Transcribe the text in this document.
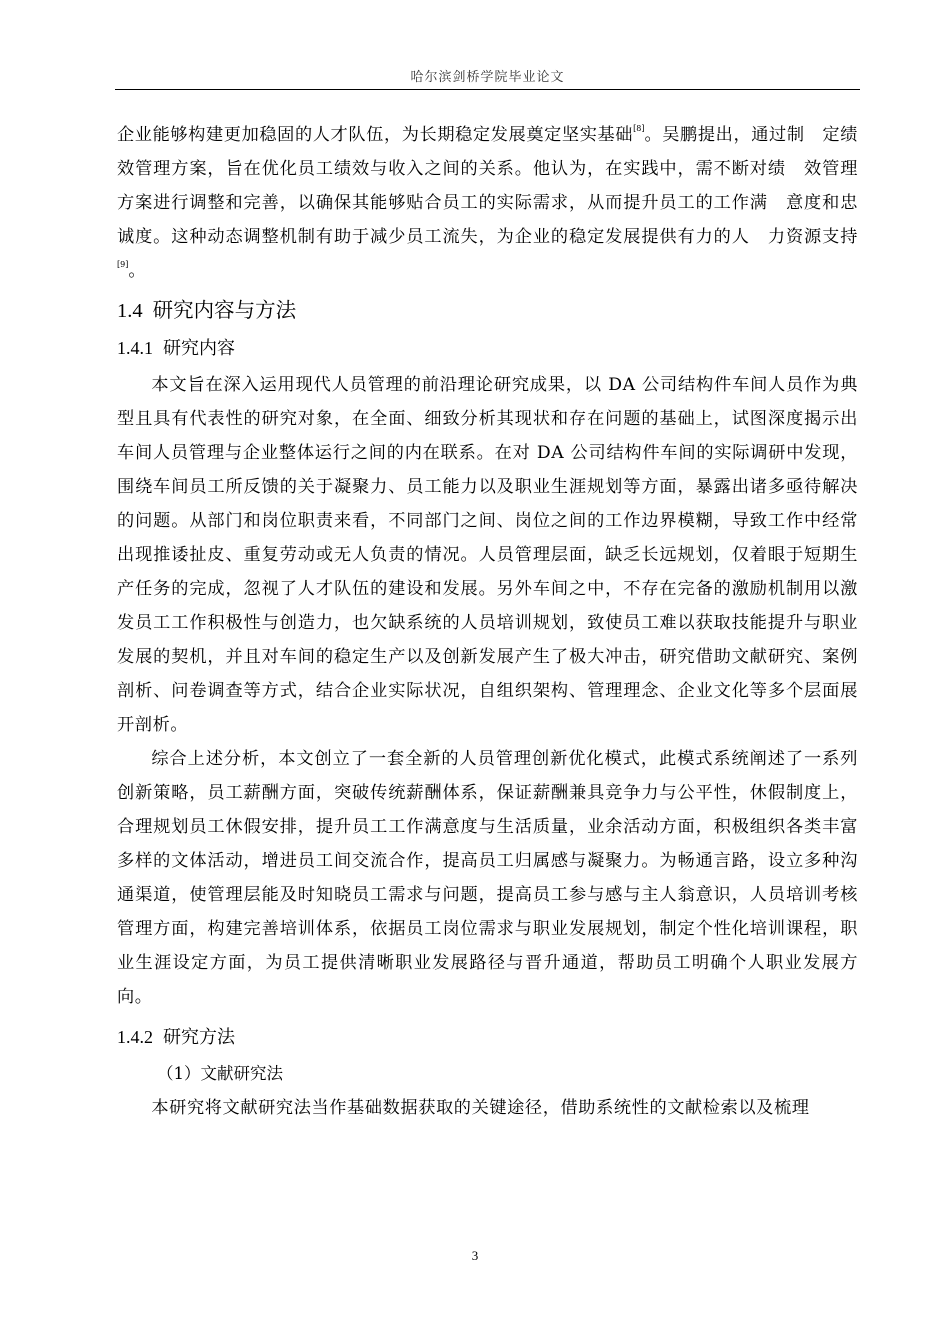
哈尔滨剑桥学院毕业论文

企业能够构建更加稳固的人才队伍，为长期稳定发展奠定坚实基础[8]。吴鹏提出，通过制　定绩效管理方案，旨在优化员工绩效与收入之间的关系。他认为，在实践中，需不断对绩　效管理方案进行调整和完善，以确保其能够贴合员工的实际需求，从而提升员工的工作满　意度和忠诚度。这种动态调整机制有助于减少员工流失，为企业的稳定发展提供有力的人　力资源支持[9]。

1.4 研究内容与方法
1.4.1 研究内容

本文旨在深入运用现代人员管理的前沿理论研究成果，以 DA 公司结构件车间人员作为典型且具有代表性的研究对象，在全面、细致分析其现状和存在问题的基础上，试图深度揭示出车间人员管理与企业整体运行之间的内在联系。在对 DA 公司结构件车间的实际调研中发现，围绕车间员工所反馈的关于凝聚力、员工能力以及职业生涯规划等方面，暴露出诸多亟待解决的问题。从部门和岗位职责来看，不同部门之间、岗位之间的工作边界模糊，导致工作中经常出现推诿扯皮、重复劳动或无人负责的情况。人员管理层面，缺乏长远规划，仅着眼于短期生产任务的完成，忽视了人才队伍的建设和发展。另外车间之中，不存在完备的激励机制用以激发员工工作积极性与创造力，也欠缺系统的人员培训规划，致使员工难以获取技能提升与职业发展的契机，并且对车间的稳定生产以及创新发展产生了极大冲击，研究借助文献研究、案例剖析、问卷调查等方式，结合企业实际状况，自组织架构、管理理念、企业文化等多个层面展开剖析。

综合上述分析，本文创立了一套全新的人员管理创新优化模式，此模式系统阐述了一系列创新策略，员工薪酬方面，突破传统薪酬体系，保证薪酬兼具竞争力与公平性，休假制度上，合理规划员工休假安排，提升员工工作满意度与生活质量，业余活动方面，积极组织各类丰富多样的文体活动，增进员工间交流合作，提高员工归属感与凝聚力。为畅通言路，设立多种沟通渠道，使管理层能及时知晓员工需求与问题，提高员工参与感与主人翁意识，人员培训考核管理方面，构建完善培训体系，依据员工岗位需求与职业发展规划，制定个性化培训课程，职业生涯设定方面，为员工提供清晰职业发展路径与晋升通道，帮助员工明确个人职业发展方向。

1.4.2 研究方法

（1）文献研究法

本研究将文献研究法当作基础数据获取的关键途径，借助系统性的文献检索以及梳理

3
